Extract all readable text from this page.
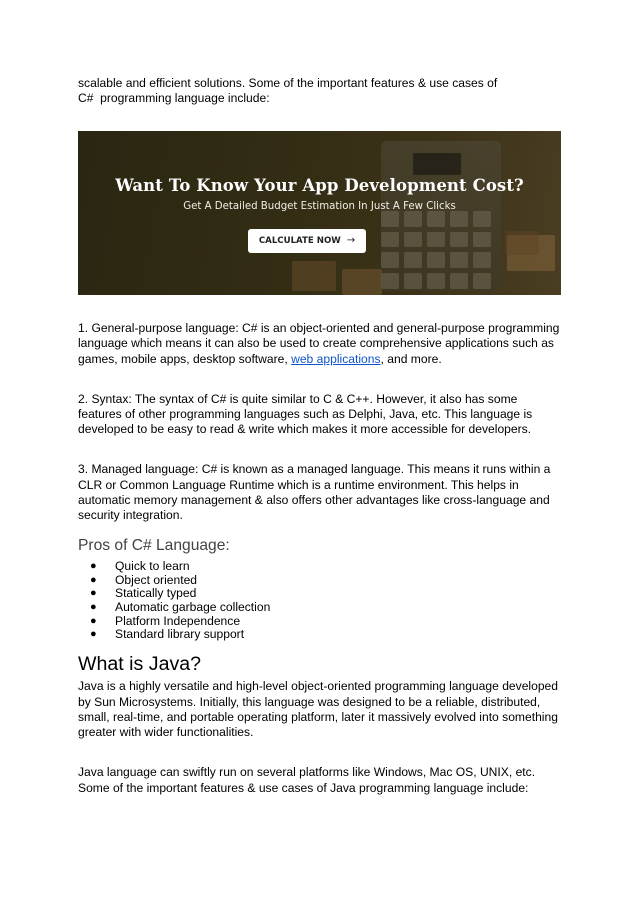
scalable and efficient solutions. Some of the important features & use cases of
C#  programming language include:

Want To Know Your App Development Cost?
Get A Detailed Budget Estimation In Just A Few Clicks
CALCULATE NOW →

1. General-purpose language: C# is an object-oriented and general-purpose programming language which means it can also be used to create comprehensive applications such as games, mobile apps, desktop software, web applications, and more.

2. Syntax: The syntax of C# is quite similar to C & C++. However, it also has some features of other programming languages such as Delphi, Java, etc. This language is developed to be easy to read & write which makes it more accessible for developers.

3. Managed language: C# is known as a managed language. This means it runs within a CLR or Common Language Runtime which is a runtime environment. This helps in automatic memory management & also offers other advantages like cross-language and security integration.

Pros of C# Language:
● Quick to learn
● Object oriented
● Statically typed
● Automatic garbage collection
● Platform Independence
● Standard library support
What is Java?

Java is a highly versatile and high-level object-oriented programming language developed by Sun Microsystems. Initially, this language was designed to be a reliable, distributed, small, real-time, and portable operating platform, later it massively evolved into something greater with wider functionalities.

Java language can swiftly run on several platforms like Windows, Mac OS, UNIX, etc. Some of the important features & use cases of Java programming language include:
